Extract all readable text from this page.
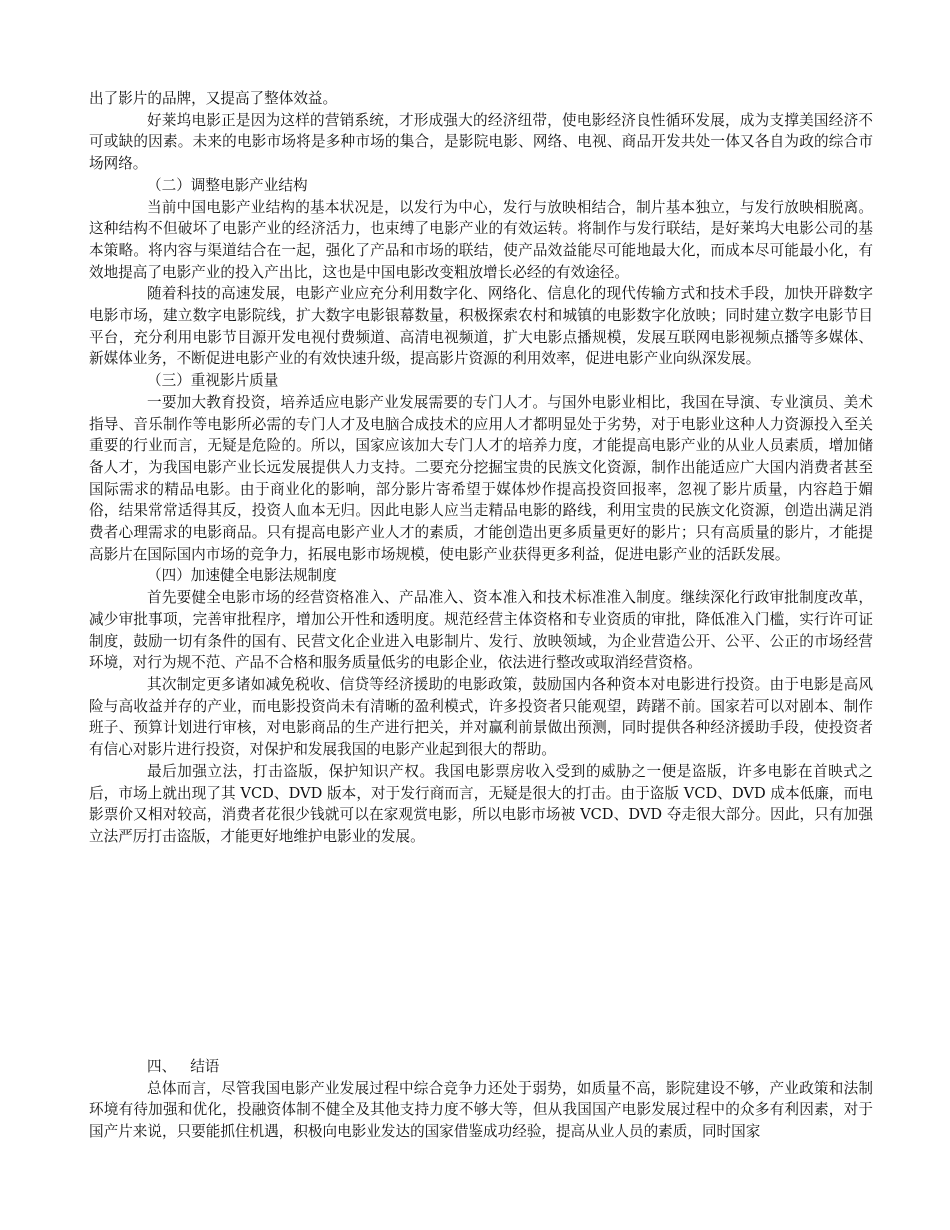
出了影片的品牌，又提高了整体效益。

好莱坞电影正是因为这样的营销系统，才形成强大的经济纽带，使电影经济良性循环发展，成为支撑美国经济不可或缺的因素。未来的电影市场将是多种市场的集合，是影院电影、网络、电视、商品开发共处一体又各自为政的综合市场网络。

（二）调整电影产业结构

当前中国电影产业结构的基本状况是，以发行为中心，发行与放映相结合，制片基本独立，与发行放映相脱离。这种结构不但破坏了电影产业的经济活力，也束缚了电影产业的有效运转。将制作与发行联结，是好莱坞大电影公司的基本策略。将内容与渠道结合在一起，强化了产品和市场的联结，使产品效益能尽可能地最大化，而成本尽可能最小化，有效地提高了电影产业的投入产出比，这也是中国电影改变粗放增长必经的有效途径。

随着科技的高速发展，电影产业应充分利用数字化、网络化、信息化的现代传输方式和技术手段，加快开辟数字电影市场，建立数字电影院线，扩大数字电影银幕数量，积极探索农村和城镇的电影数字化放映；同时建立数字电影节目平台，充分利用电影节目源开发电视付费频道、高清电视频道，扩大电影点播规模，发展互联网电影视频点播等多媒体、新媒体业务，不断促进电影产业的有效快速升级，提高影片资源的利用效率，促进电影产业向纵深发展。

（三）重视影片质量

一要加大教育投资，培养适应电影产业发展需要的专门人才。与国外电影业相比，我国在导演、专业演员、美术指导、音乐制作等电影所必需的专门人才及电脑合成技术的应用人才都明显处于劣势，对于电影业这种人力资源投入至关重要的行业而言，无疑是危险的。所以，国家应该加大专门人才的培养力度，才能提高电影产业的从业人员素质，增加储备人才，为我国电影产业长远发展提供人力支持。二要充分挖掘宝贵的民族文化资源，制作出能适应广大国内消费者甚至国际需求的精品电影。由于商业化的影响，部分影片寄希望于媒体炒作提高投资回报率，忽视了影片质量，内容趋于媚俗，结果常常适得其反，投资人血本无归。因此电影人应当走精品电影的路线，利用宝贵的民族文化资源，创造出满足消费者心理需求的电影商品。只有提高电影产业人才的素质，才能创造出更多质量更好的影片；只有高质量的影片，才能提高影片在国际国内市场的竞争力，拓展电影市场规模，使电影产业获得更多利益，促进电影产业的活跃发展。

（四）加速健全电影法规制度

首先要健全电影市场的经营资格准入、产品准入、资本准入和技术标准准入制度。继续深化行政审批制度改革，减少审批事项，完善审批程序，增加公开性和透明度。规范经营主体资格和专业资质的审批，降低准入门槛，实行许可证制度，鼓励一切有条件的国有、民营文化企业进入电影制片、发行、放映领域，为企业营造公开、公平、公正的市场经营环境，对行为规不范、产品不合格和服务质量低劣的电影企业，依法进行整改或取消经营资格。

其次制定更多诸如减免税收、信贷等经济援助的电影政策，鼓励国内各种资本对电影进行投资。由于电影是高风险与高收益并存的产业，而电影投资尚未有清晰的盈利模式，许多投资者只能观望，踌躇不前。国家若可以对剧本、制作班子、预算计划进行审核，对电影商品的生产进行把关，并对赢利前景做出预测，同时提供各种经济援助手段，使投资者有信心对影片进行投资，对保护和发展我国的电影产业起到很大的帮助。

最后加强立法，打击盗版，保护知识产权。我国电影票房收入受到的威胁之一便是盗版，许多电影在首映式之后，市场上就出现了其 VCD、DVD 版本，对于发行商而言，无疑是很大的打击。由于盗版 VCD、DVD 成本低廉，而电影票价又相对较高，消费者花很少钱就可以在家观赏电影，所以电影市场被 VCD、DVD 夺走很大部分。因此，只有加强立法严厉打击盗版，才能更好地维护电影业的发展。

四、 结语

总体而言，尽管我国电影产业发展过程中综合竞争力还处于弱势，如质量不高，影院建设不够，产业政策和法制环境有待加强和优化，投融资体制不健全及其他支持力度不够大等，但从我国国产电影发展过程中的众多有利因素，对于国产片来说，只要能抓住机遇，积极向电影业发达的国家借鉴成功经验，提高从业人员的素质，同时国家
